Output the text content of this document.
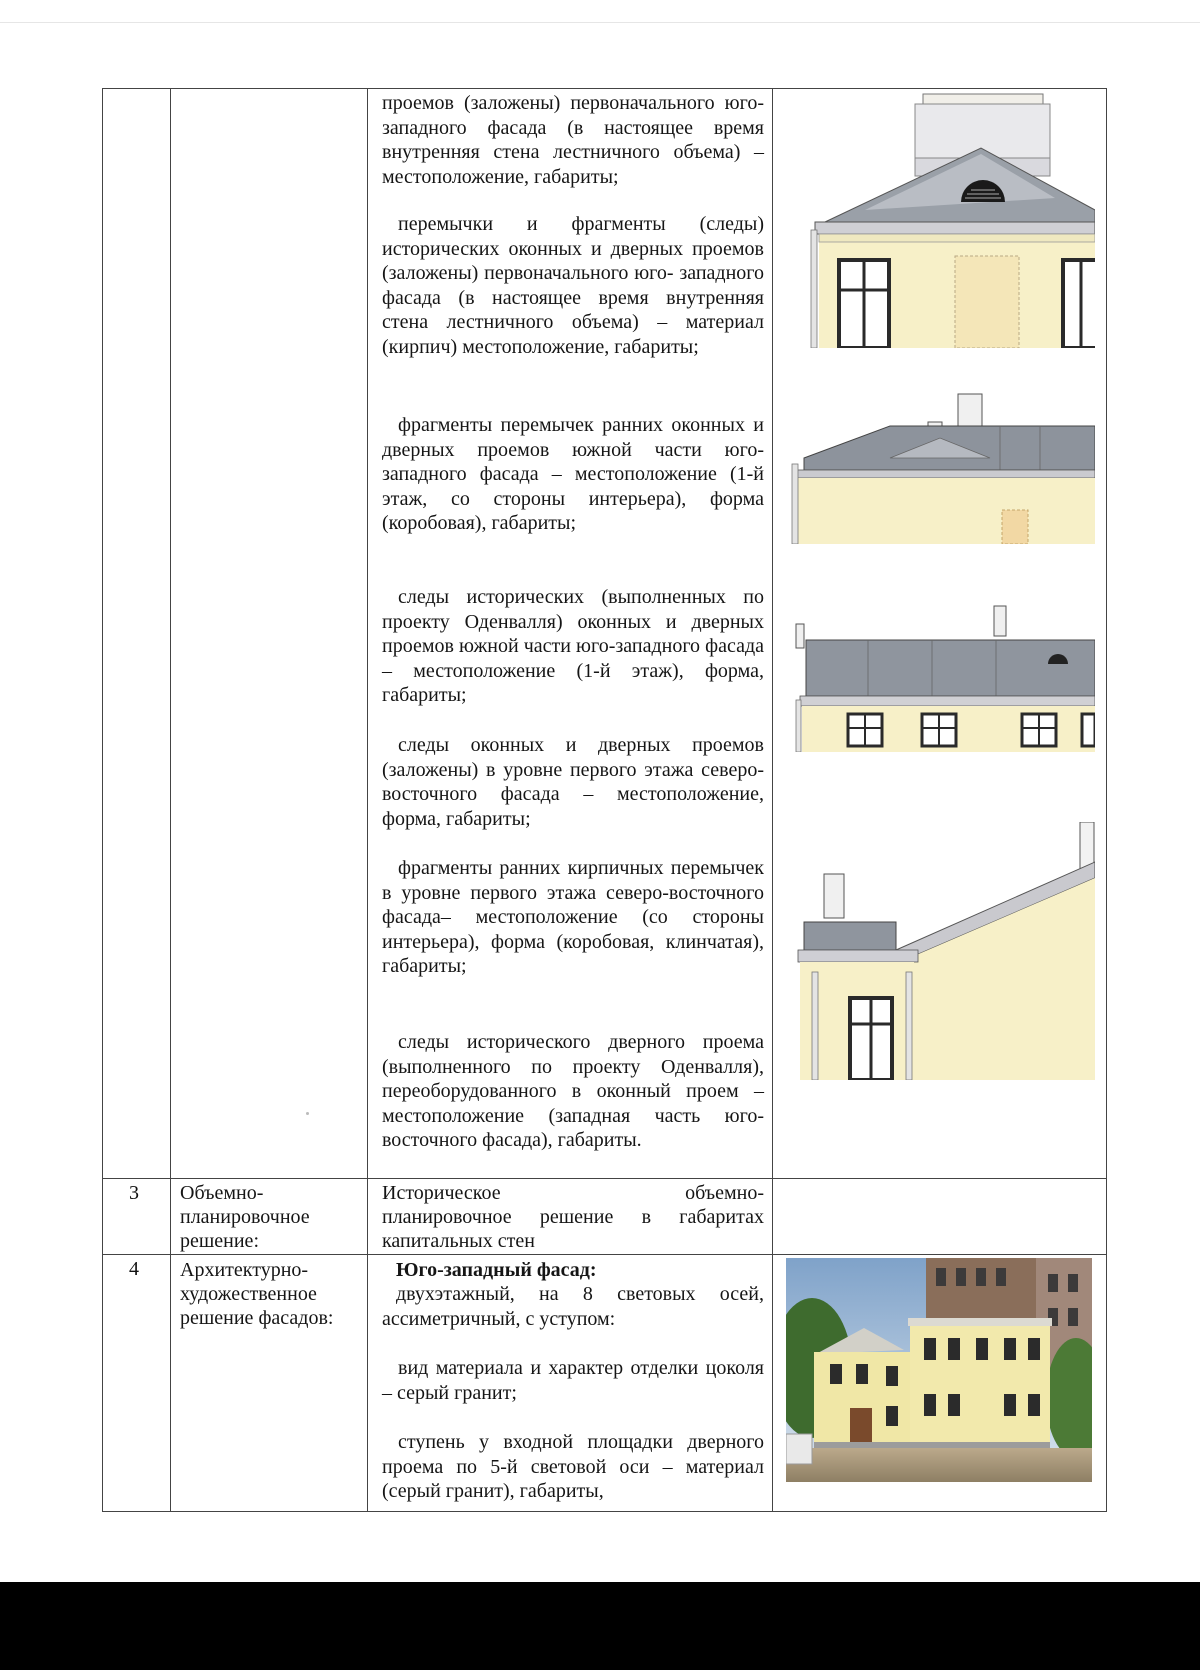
проемов (заложены) первоначального юго- западного фасада (в настоящее время внутренняя стена лестничного объема) – местоположение, габариты;
перемычки и фрагменты (следы) исторических оконных и дверных проемов (заложены) первоначального юго- западного фасада (в настоящее время внутренняя стена лестничного объема) – материал (кирпич) местоположение, габариты;
фрагменты перемычек ранних оконных и дверных проемов южной части юго-западного фасада – местоположение (1-й этаж, со стороны интерьера), форма (коробовая), габариты;
следы исторических (выполненных по проекту Оденвалля) оконных и дверных проемов южной части юго-западного фасада – местоположение (1-й этаж), форма, габариты;
следы оконных и дверных проемов (заложены) в уровне первого этажа северо- восточного фасада – местоположение, форма, габариты;
фрагменты ранних кирпичных перемычек в уровне первого этажа северо-восточного фасада– местоположение (со стороны интерьера), форма (коробовая, клинчатая), габариты;
следы исторического дверного проема (выполненного по проекту Оденвалля), переоборудованного в оконный проем – местоположение (западная часть юго-восточного фасада), габариты.
3 Объемно-
планировочное
решение:
Историческое объемно-
планировочное решение в габаритах
капитальных стен
4 Архитектурно-
художественное
решение фасадов:
Юго-западный фасад:
двухэтажный, на 8 световых осей, ассиметричный, с уступом:
вид материала и характер отделки цоколя – серый гранит;
ступень у входной площадки дверного проема по 5-й световой оси – материал (серый гранит), габариты,
